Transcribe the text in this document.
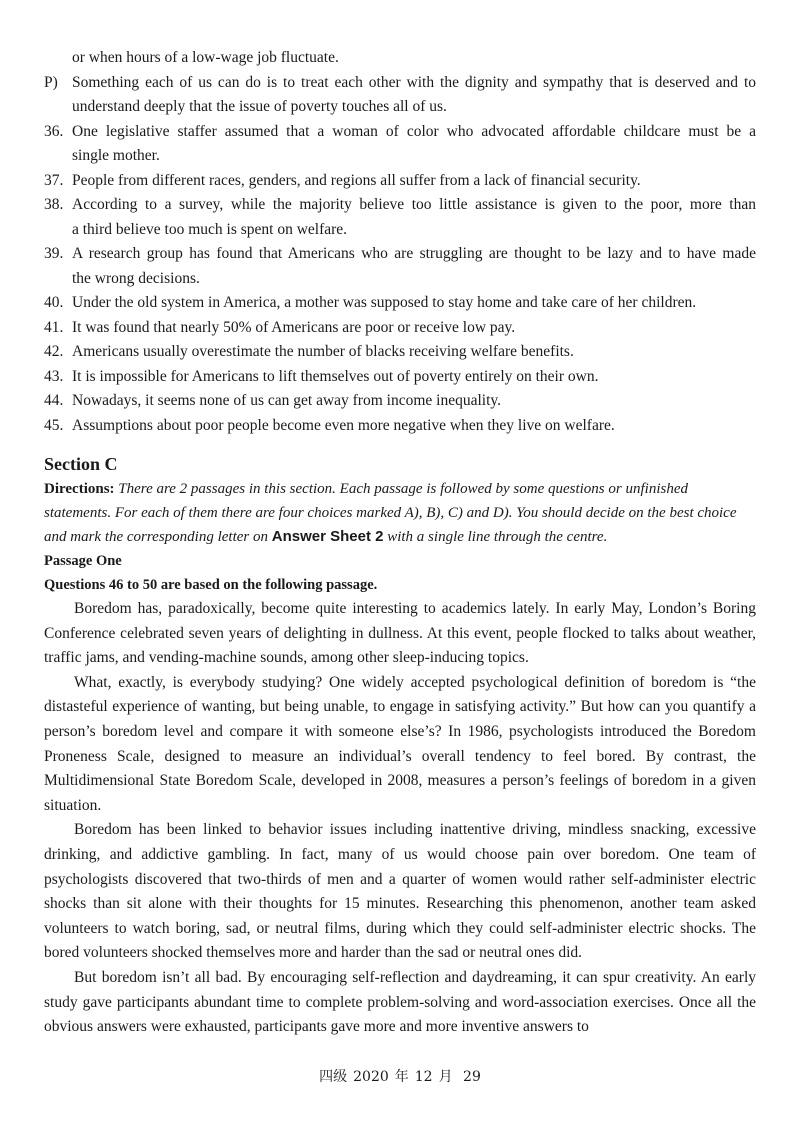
or when hours of a low-wage job fluctuate.
P) Something each of us can do is to treat each other with the dignity and sympathy that is deserved and to
understand deeply that the issue of poverty touches all of us.
36. One legislative staffer assumed that a woman of color who advocated affordable childcare must be a
single mother.
37. People from different races, genders, and regions all suffer from a lack of financial security.
38. According to a survey, while the majority believe too little assistance is given to the poor, more than
a third believe too much is spent on welfare.
39. A research group has found that Americans who are struggling are thought to be lazy and to have made
the wrong decisions.
40. Under the old system in America, a mother was supposed to stay home and take care of her children.
41. It was found that nearly 50% of Americans are poor or receive low pay.
42. Americans usually overestimate the number of blacks receiving welfare benefits.
43. It is impossible for Americans to lift themselves out of poverty entirely on their own.
44. Nowadays, it seems none of us can get away from income inequality.
45. Assumptions about poor people become even more negative when they live on welfare.
Section C
Directions: There are 2 passages in this section. Each passage is followed by some questions or unfinished statements. For each of them there are four choices marked A), B), C) and D). You should decide on the best choice and mark the corresponding letter on Answer Sheet 2 with a single line through the centre.
Passage One
Questions 46 to 50 are based on the following passage.
Boredom has, paradoxically, become quite interesting to academics lately. In early May, London’s Boring Conference celebrated seven years of delighting in dullness. At this event, people flocked to talks about weather, traffic jams, and vending-machine sounds, among other sleep-inducing topics.
What, exactly, is everybody studying? One widely accepted psychological definition of boredom is “the distasteful experience of wanting, but being unable, to engage in satisfying activity.” But how can you quantify a person’s boredom level and compare it with someone else’s? In 1986, psychologists introduced the Boredom Proneness Scale, designed to measure an individual’s overall tendency to feel bored. By contrast, the Multidimensional State Boredom Scale, developed in 2008, measures a person’s feelings of boredom in a given situation.
Boredom has been linked to behavior issues including inattentive driving, mindless snacking, excessive drinking, and addictive gambling. In fact, many of us would choose pain over boredom. One team of psychologists discovered that two-thirds of men and a quarter of women would rather self-administer electric shocks than sit alone with their thoughts for 15 minutes. Researching this phenomenon, another team asked volunteers to watch boring, sad, or neutral films, during which they could self-administer electric shocks. The bored volunteers shocked themselves more and harder than the sad or neutral ones did.
But boredom isn’t all bad. By encouraging self-reflection and daydreaming, it can spur creativity. An early study gave participants abundant time to complete problem-solving and word-association exercises. Once all the obvious answers were exhausted, participants gave more and more inventive answers to
四级 2020 年 12 月 29
